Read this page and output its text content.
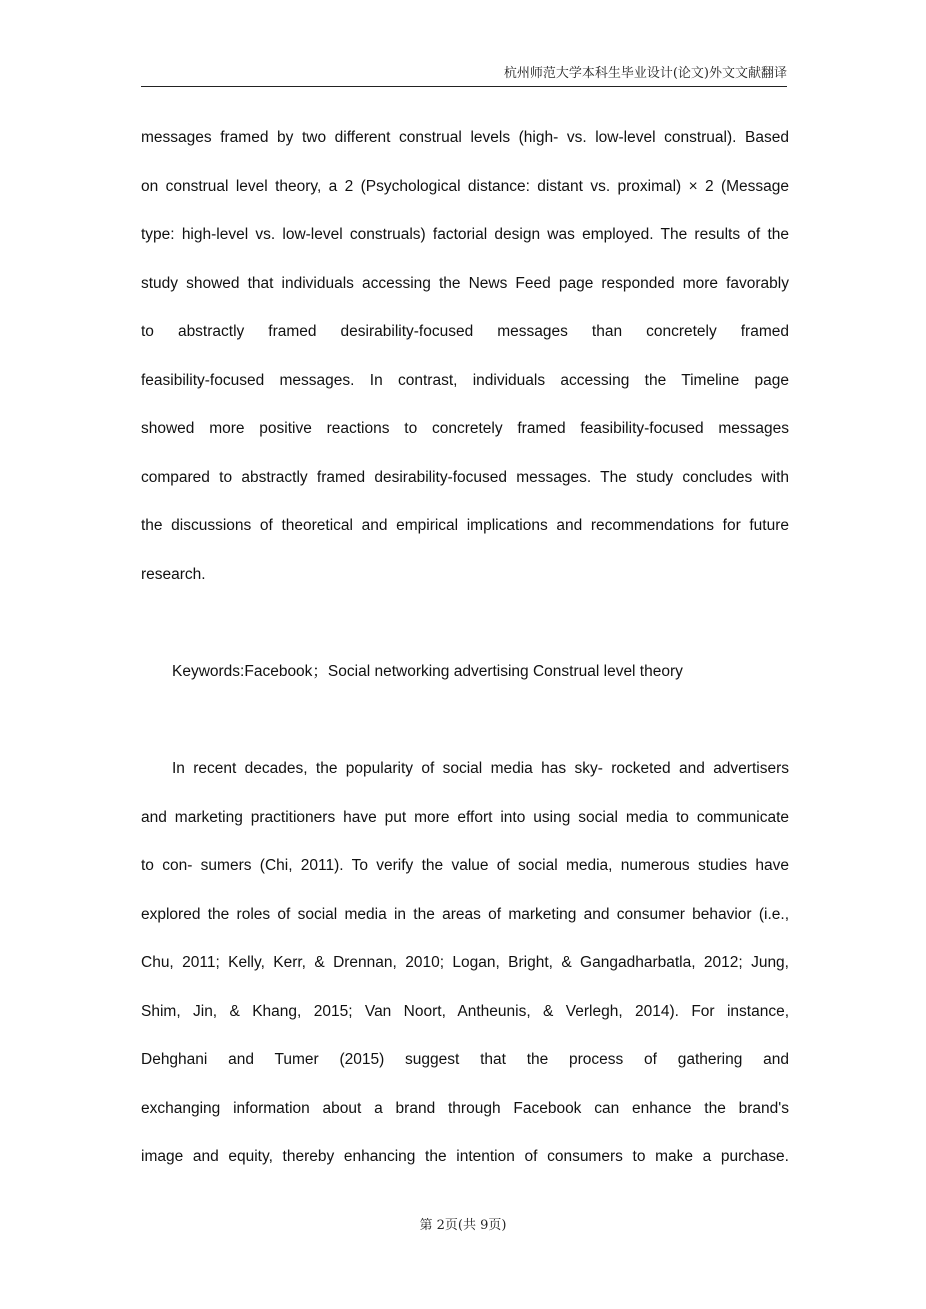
杭州师范大学本科生毕业设计(论文)外文文献翻译
messages framed by two different construal levels (high- vs. low-level construal). Based
on construal level theory, a 2 (Psychological distance: distant vs. proximal) × 2 (Message
type: high-level vs. low-level construals) factorial design was employed. The results of the
study showed that individuals accessing the News Feed page responded more favorably
to abstractly framed desirability-focused messages than concretely framed
feasibility-focused messages. In contrast, individuals accessing the Timeline page
showed more positive reactions to concretely framed feasibility-focused messages
compared to abstractly framed desirability-focused messages. The study concludes with
the discussions of theoretical and empirical implications and recommendations for future
research.
Keywords:Facebook；Social networking advertising Construal level theory
In recent decades, the popularity of social media has sky- rocketed and advertisers
and marketing practitioners have put more effort into using social media to communicate
to con- sumers (Chi, 2011). To verify the value of social media, numerous studies have
explored the roles of social media in the areas of marketing and consumer behavior (i.e.,
Chu, 2011; Kelly, Kerr, & Drennan, 2010; Logan, Bright, & Gangadharbatla, 2012; Jung,
Shim, Jin, & Khang, 2015; Van Noort, Antheunis, & Verlegh, 2014). For instance,
Dehghani and Tumer (2015) suggest that the process of gathering and
exchanging information about a brand through Facebook can enhance the brand's
image and equity, thereby enhancing the intention of consumers to make a purchase.
第 2页(共 9页)
